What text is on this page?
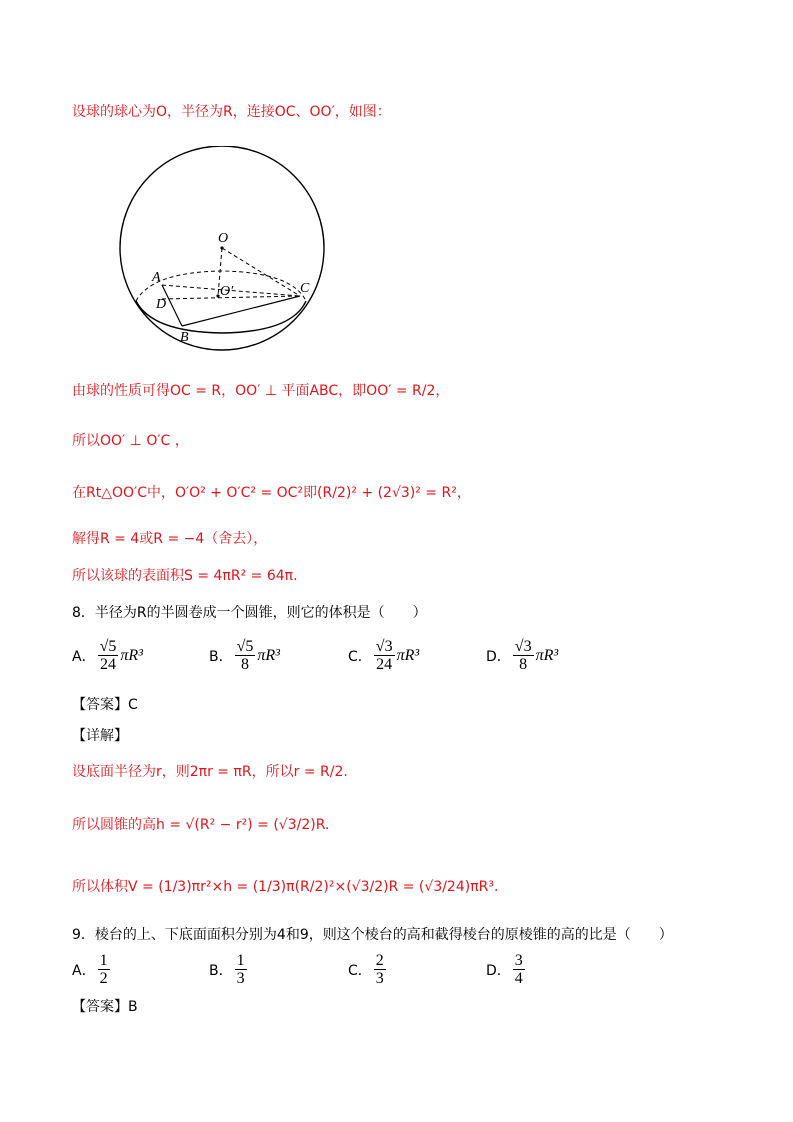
设球的球心为O，半径为R，连接OC、OO′，如图：
O
O′
A
D
B
C
由球的性质可得OC = R，OO′ ⊥ 平面ABC，即OO′ = R/2，
所以OO′ ⊥ O′C ，
在Rt△OO′C中，O′O² + O′C² = OC²即(R/2)² + (2√3)² = R²，
解得R = 4或R = −4（舍去），
所以该球的表面积S = 4πR² = 64π.
8．半径为R的半圆卷成一个圆锥，则它的体积是（　　）
A． $\frac{√5}{24} \pi R^3$	B． $\frac{√5}{8} \pi R^3$	C． $\frac{√3}{24} \pi R^3$	D． $\frac{√3}{8} \pi R^3$
【答案】C
【详解】
设底面半径为r，则2πr = πR，所以r = R/2.
所以圆锥的高h = √(R² − r²) = (√3/2)R.
所以体积V = (1/3)πr²×h = (1/3)π(R/2)²×(√3/2)R = (√3/24)πR³.
9．棱台的上、下底面面积分别为4和9，则这个棱台的高和截得棱台的原棱锥的高的比是（　　）
A． $\frac{1}{2}$	B． $\frac{1}{3}$	C． $\frac{2}{3}$	D． $\frac{3}{4}$
【答案】B
